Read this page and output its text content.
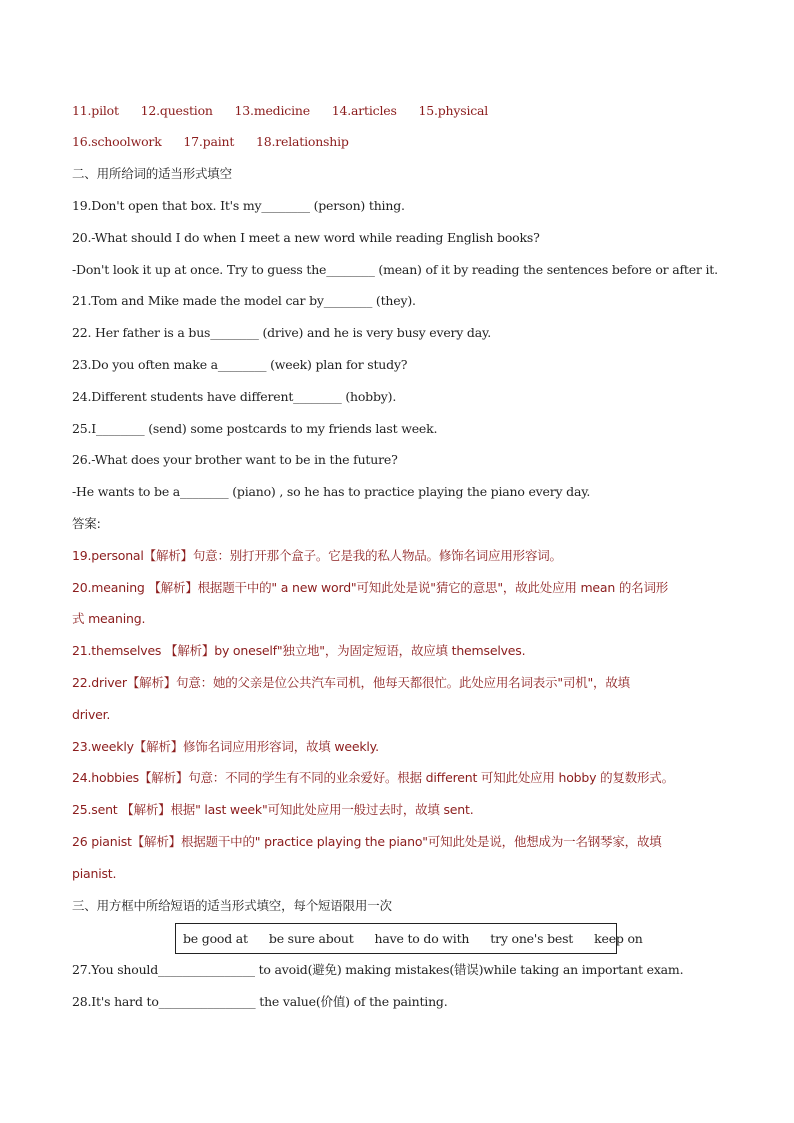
11.pilot 12.question 13.medicine 14.articles 15.physical
16.schoolwork 17.paint 18.relationship
二、用所给词的适当形式填空
19.Don't open that box. It's my________ (person) thing.
20.-What should I do when I meet a new word while reading English books?
-Don't look it up at once. Try to guess the________ (mean) of it by reading the sentences before or after it.
21.Tom and Mike made the model car by________ (they).
22. Her father is a bus________ (drive) and he is very busy every day.
23.Do you often make a________ (week) plan for study?
24.Different students have different________ (hobby).
25.I________ (send) some postcards to my friends last week.
26.-What does your brother want to be in the future?
-He wants to be a________ (piano) , so he has to practice playing the piano every day.
答案:
19.personal【解析】句意：别打开那个盒子。它是我的私人物品。修饰名词应用形容词。
20.meaning 【解析】根据题干中的" a new word"可知此处是说"猜它的意思"，故此处应用 mean 的名词形
式 meaning.
21.themselves 【解析】by oneself"独立地"，为固定短语，故应填 themselves.
22.driver【解析】句意：她的父亲是位公共汽车司机，他每天都很忙。此处应用名词表示"司机"，故填
driver.
23.weekly【解析】修饰名词应用形容词，故填 weekly.
24.hobbies【解析】句意：不同的学生有不同的业余爱好。根据 different 可知此处应用 hobby 的复数形式。
25.sent 【解析】根据" last week"可知此处应用一般过去时，故填 sent.
26 pianist【解析】根据题干中的" practice playing the piano"可知此处是说，他想成为一名钢琴家，故填
pianist.
三、用方框中所给短语的适当形式填空，每个短语限用一次
be good at be sure about have to do with try one's best keep on
27.You should________________ to avoid(避免) making mistakes(错误)while taking an important exam.
28.It's hard to________________ the value(价值) of the painting.
